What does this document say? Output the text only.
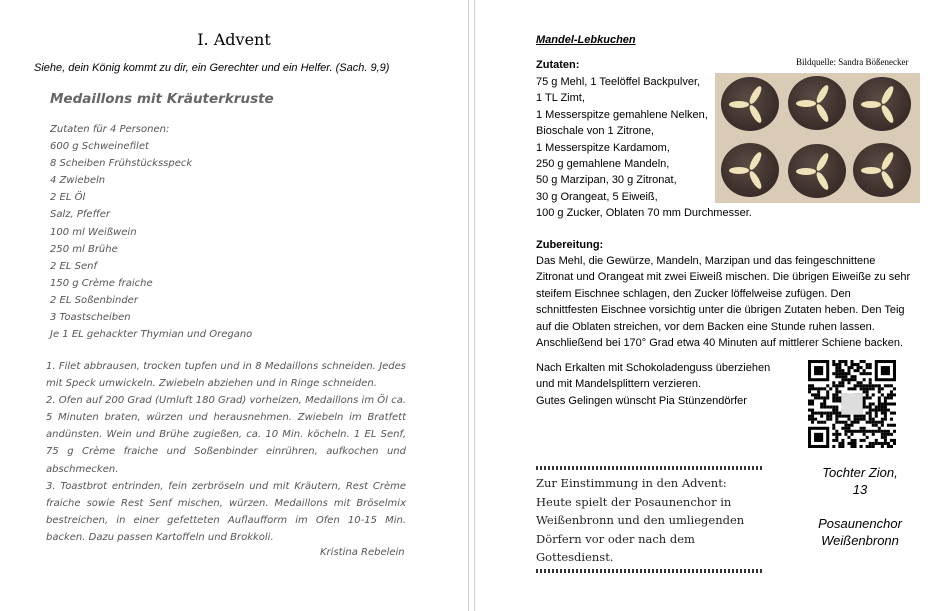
I. Advent
Siehe, dein König kommt zu dir, ein Gerechter und ein Helfer. (Sach. 9,9)
Medaillons mit Kräuterkruste
Zutaten für 4 Personen:
600 g Schweinefilet
8 Scheiben Frühstücksspeck
4 Zwiebeln
2 EL Öl
Salz, Pfeffer
100 ml Weißwein
250 ml Brühe
2 EL Senf
150 g Crème fraiche
2 EL Soßenbinder
3 Toastscheiben
Je 1 EL gehackter Thymian und Oregano
1. Filet abbrausen, trocken tupfen und in 8 Medaillons schneiden. Jedes mit Speck umwickeln. Zwiebeln abziehen und in Ringe schneiden.
2. Ofen auf 200 Grad (Umluft 180 Grad) vorheizen, Medaillons im Öl ca. 5 Minuten braten, würzen und herausnehmen. Zwiebeln im Bratfett andünsten. Wein und Brühe zugießen, ca. 10 Min. köcheln. 1 EL Senf, 75 g Crème fraiche und Soßenbinder einrühren, aufkochen und abschmecken.
3. Toastbrot entrinden, fein zerbröseln und mit Kräutern, Rest Crème fraiche sowie Rest Senf mischen, würzen. Medaillons mit Bröselmix bestreichen, in einer gefetteten Auflaufform im Ofen 10-15 Min. backen. Dazu passen Kartoffeln und Brokkoli.
Kristina Rebelein
Mandel-Lebkuchen
Bildquelle: Sandra Bößenecker
Zutaten:
75 g Mehl, 1 Teelöffel Backpulver,
1 TL Zimt,
1 Messerspitze gemahlene Nelken,
Bioschale von 1 Zitrone,
1 Messerspitze Kardamom,
250 g gemahlene Mandeln,
50 g Marzipan, 30 g Zitronat,
30 g Orangeat, 5 Eiweiß,
100 g Zucker, Oblaten 70 mm Durchmesser.
Zubereitung:
Das Mehl, die Gewürze, Mandeln, Marzipan und das feingeschnittene Zitronat und Orangeat mit zwei Eiweiß mischen. Die übrigen Eiweiße zu sehr steifem Eischnee schlagen, den Zucker löffelweise zufügen. Den schnittfesten Eischnee vorsichtig unter die übrigen Zutaten heben. Den Teig auf die Oblaten streichen, vor dem Backen eine Stunde ruhen lassen. Anschließend bei 170° Grad etwa 40 Minuten auf mittlerer Schiene backen.
Nach Erkalten mit Schokoladenguss überziehen
und mit Mandelsplittern verzieren.
Gutes Gelingen wünscht Pia Stünzendörfer
Zur Einstimmung in den Advent: Heute spielt der Posaunenchor in Weißenbronn und den umliegenden Dörfern vor oder nach dem Gottesdienst.
Tochter Zion,
13
Posaunenchor
Weißenbronn
